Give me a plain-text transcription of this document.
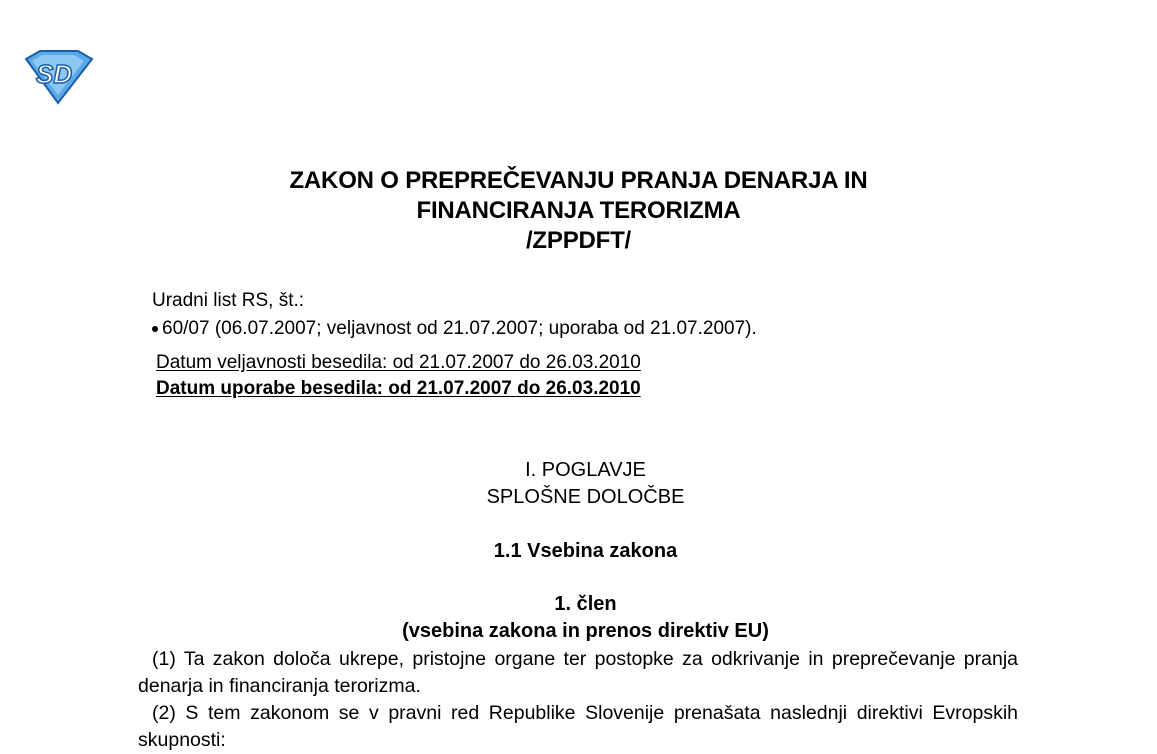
SD
ZAKON O PREPREČEVANJU PRANJA DENARJA IN
FINANCIRANJA TERORIZMA
/ZPPDFT/
Uradni list RS, št.:
60/07 (06.07.2007; veljavnost od 21.07.2007; uporaba od 21.07.2007).
Datum veljavnosti besedila: od 21.07.2007 do 26.03.2010
Datum uporabe besedila: od 21.07.2007 do 26.03.2010
I. POGLAVJE
SPLOŠNE DOLOČBE
1.1 Vsebina zakona
1. člen
(vsebina zakona in prenos direktiv EU)
(1) Ta zakon določa ukrepe, pristojne organe ter postopke za odkrivanje in preprečevanje pranja denarja in financiranja terorizma.
(2) S tem zakonom se v pravni red Republike Slovenije prenašata naslednji direktivi Evropskih skupnosti:
